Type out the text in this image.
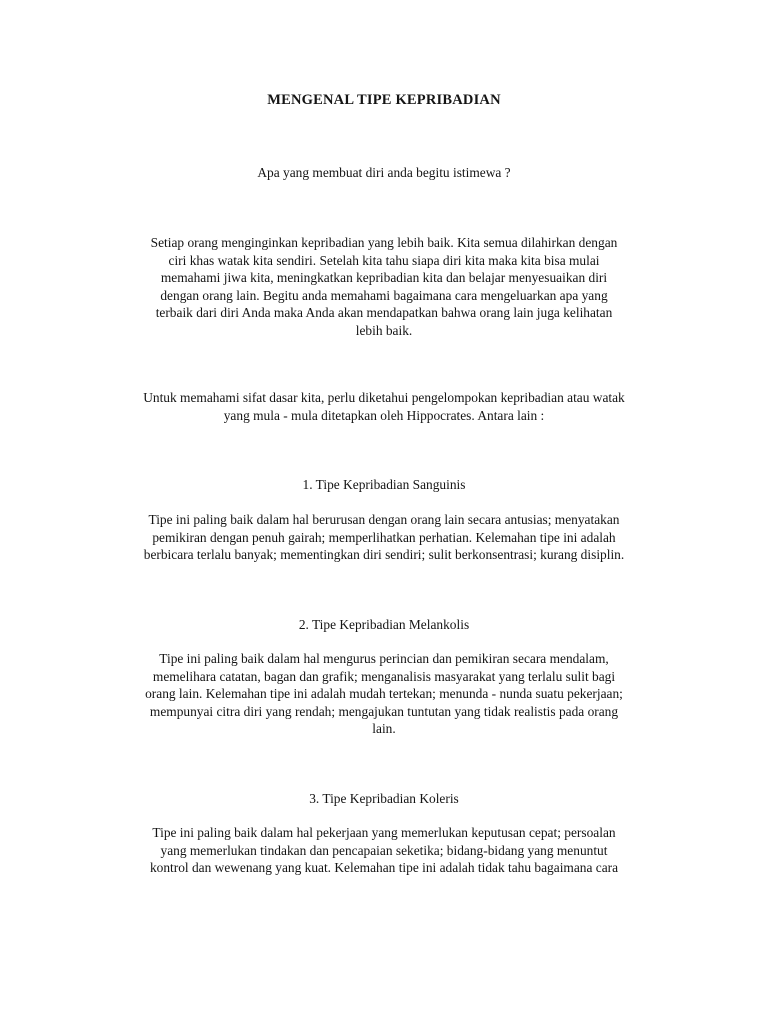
MENGENAL TIPE KEPRIBADIAN

Apa yang membuat diri anda begitu istimewa ?

Setiap orang menginginkan kepribadian yang lebih baik. Kita semua dilahirkan dengan
ciri khas watak kita sendiri. Setelah kita tahu siapa diri kita maka kita bisa mulai
memahami jiwa kita, meningkatkan kepribadian kita dan belajar menyesuaikan diri
dengan orang lain. Begitu anda memahami bagaimana cara mengeluarkan apa yang
terbaik dari diri Anda maka Anda akan mendapatkan bahwa orang lain juga kelihatan
lebih baik.

Untuk memahami sifat dasar kita, perlu diketahui pengelompokan kepribadian atau watak
yang mula - mula ditetapkan oleh Hippocrates. Antara lain :

1. Tipe Kepribadian Sanguinis

Tipe ini paling baik dalam hal berurusan dengan orang lain secara antusias; menyatakan
pemikiran dengan penuh gairah; memperlihatkan perhatian. Kelemahan tipe ini adalah
berbicara terlalu banyak; mementingkan diri sendiri; sulit berkonsentrasi; kurang disiplin.

2. Tipe Kepribadian Melankolis

Tipe ini paling baik dalam hal mengurus perincian dan pemikiran secara mendalam,
memelihara catatan, bagan dan grafik; menganalisis masyarakat yang terlalu sulit bagi
orang lain. Kelemahan tipe ini adalah mudah tertekan; menunda - nunda suatu pekerjaan;
mempunyai citra diri yang rendah; mengajukan tuntutan yang tidak realistis pada orang
lain.

3. Tipe Kepribadian Koleris

Tipe ini paling baik dalam hal pekerjaan yang memerlukan keputusan cepat; persoalan
yang memerlukan tindakan dan pencapaian seketika; bidang-bidang yang menuntut
kontrol dan wewenang yang kuat. Kelemahan tipe ini adalah tidak tahu bagaimana cara
